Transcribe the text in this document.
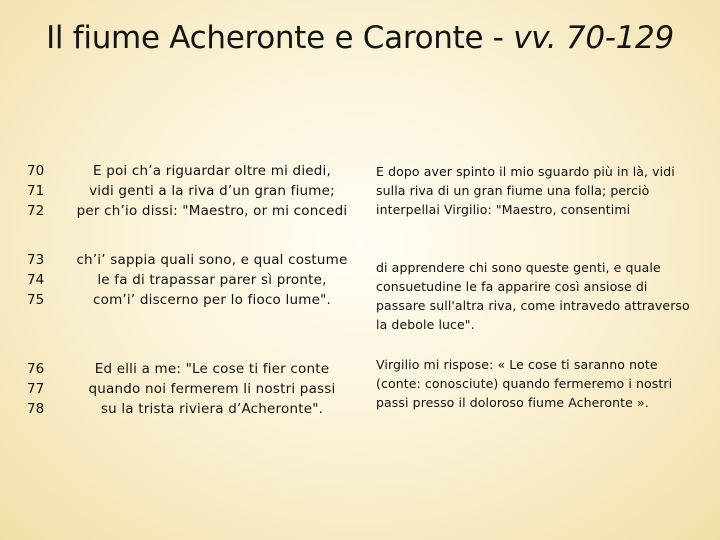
Il fiume Acheronte e Caronte - vv. 70-129
70
71
72
E poi ch’a riguardar oltre mi diedi,
vidi genti a la riva d’un gran fiume;
per ch’io dissi: "Maestro, or mi concedi
E dopo aver spinto il mio sguardo più in là, vidi sulla riva di un gran fiume una folla; perciò interpellai Virgilio: "Maestro, consentimi
73
74
75
ch’i’ sappia quali sono, e qual costume
le fa di trapassar parer sì pronte,
com’i’ discerno per lo fioco lume".
di apprendere chi sono queste genti, e quale consuetudine le fa apparire così ansiose di passare sull'altra riva, come intravedo attraverso la debole luce".
76
77
78
Ed elli a me: "Le cose ti fier conte
quando noi fermerem li nostri passi
su la trista riviera d’Acheronte".
Virgilio mi rispose: « Le cose ti saranno note (conte: conosciute) quando fermeremo i nostri passi presso il doloroso fiume Acheronte ».
